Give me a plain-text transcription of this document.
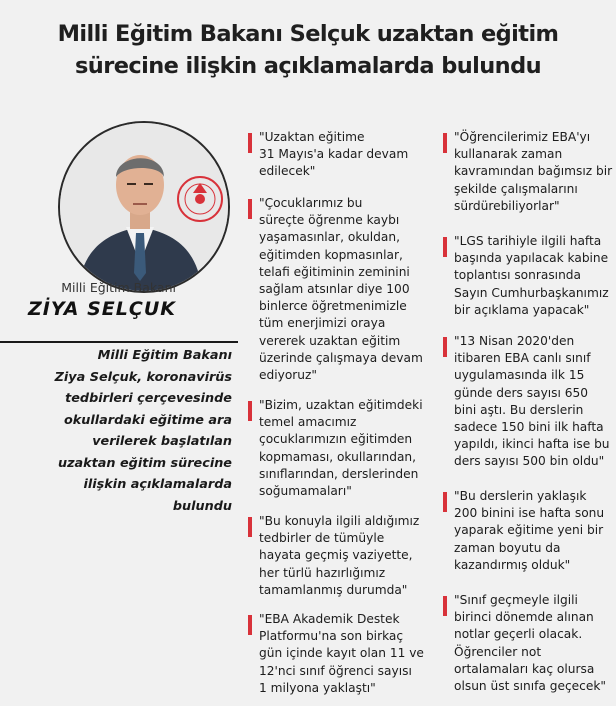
Milli Eğitim Bakanı Selçuk uzaktan eğitim
sürecine ilişkin açıklamalarda bulundu
Milli Eğitim Bakanı
ZİYA SELÇUK
Milli Eğitim Bakanı
Ziya Selçuk, koronavirüs
tedbirleri çerçevesinde
okullardaki eğitime ara
verilerek başlatılan
uzaktan eğitim sürecine
ilişkin açıklamalarda
bulundu
"Uzaktan eğitime
31 Mayıs'a kadar devam
edilecek"
"Çocuklarımız bu
süreçte öğrenme kaybı
yaşamasınlar, okuldan,
eğitimden kopmasınlar,
telafi eğitiminin zeminini
sağlam atsınlar diye 100
binlerce öğretmenimizle
tüm enerjimizi oraya
vererek uzaktan eğitim
üzerinde çalışmaya devam
ediyoruz"
"Bizim, uzaktan eğitimdeki
temel amacımız
çocuklarımızın eğitimden
kopmaması, okullarından,
sınıflarından, derslerinden
soğumamaları"
"Bu konuyla ilgili aldığımız
tedbirler de tümüyle
hayata geçmiş vaziyette,
her türlü hazırlığımız
tamamlanmış durumda"
"EBA Akademik Destek
Platformu'na son birkaç
gün içinde kayıt olan 11 ve
12'nci sınıf öğrenci sayısı
1 milyona yaklaştı"
"Öğrencilerimiz EBA'yı
kullanarak zaman
kavramından bağımsız bir
şekilde çalışmalarını
sürdürebiliyorlar"
"LGS tarihiyle ilgili hafta
başında yapılacak kabine
toplantısı sonrasında
Sayın Cumhurbaşkanımız
bir açıklama yapacak"
"13 Nisan 2020'den
itibaren EBA canlı sınıf
uygulamasında ilk 15
günde ders sayısı 650
bini aştı. Bu derslerin
sadece 150 bini ilk hafta
yapıldı, ikinci hafta ise bu
ders sayısı 500 bin oldu"
"Bu derslerin yaklaşık
200 binini ise hafta sonu
yaparak eğitime yeni bir
zaman boyutu da
kazandırmış olduk"
"Sınıf geçmeyle ilgili
birinci dönemde alınan
notlar geçerli olacak.
Öğrenciler not
ortalamaları kaç olursa
olsun üst sınıfa geçecek"
